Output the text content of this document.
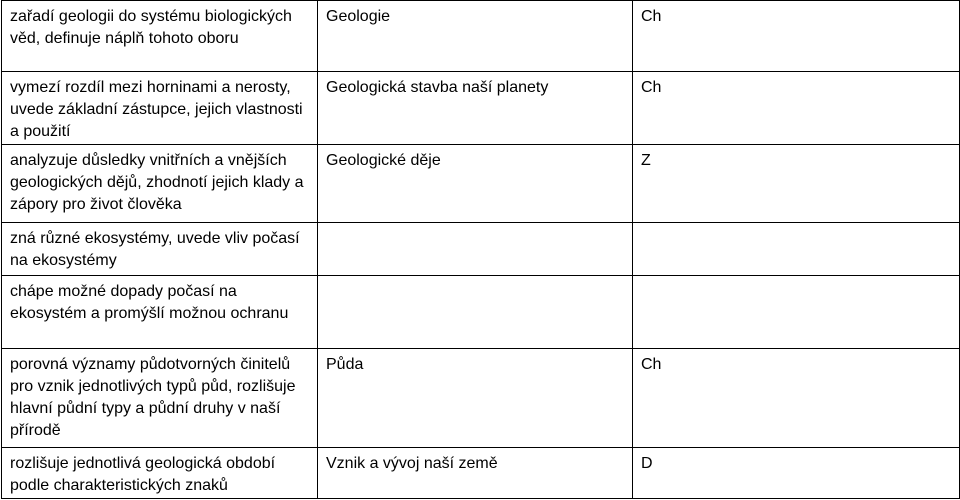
zařadí geologii do systému biologických věd, definuje náplň tohoto oboru	Geologie	Ch
vymezí rozdíl mezi horninami a nerosty, uvede základní zástupce, jejich vlastnosti a použití	Geologická stavba naší planety	Ch
analyzuje důsledky vnitřních a vnějších geologických dějů, zhodnotí jejich klady a zápory pro život člověka	Geologické děje	Z
zná různé ekosystémy, uvede vliv počasí na ekosystémy		
chápe možné dopady počasí na ekosystém a promýšlí možnou ochranu		
porovná významy půdotvorných činitelů pro vznik jednotlivých typů půd, rozlišuje hlavní půdní typy a půdní druhy v naší přírodě	Půda	Ch
rozlišuje jednotlivá geologická období podle charakteristických znaků	Vznik a vývoj naší země	D
